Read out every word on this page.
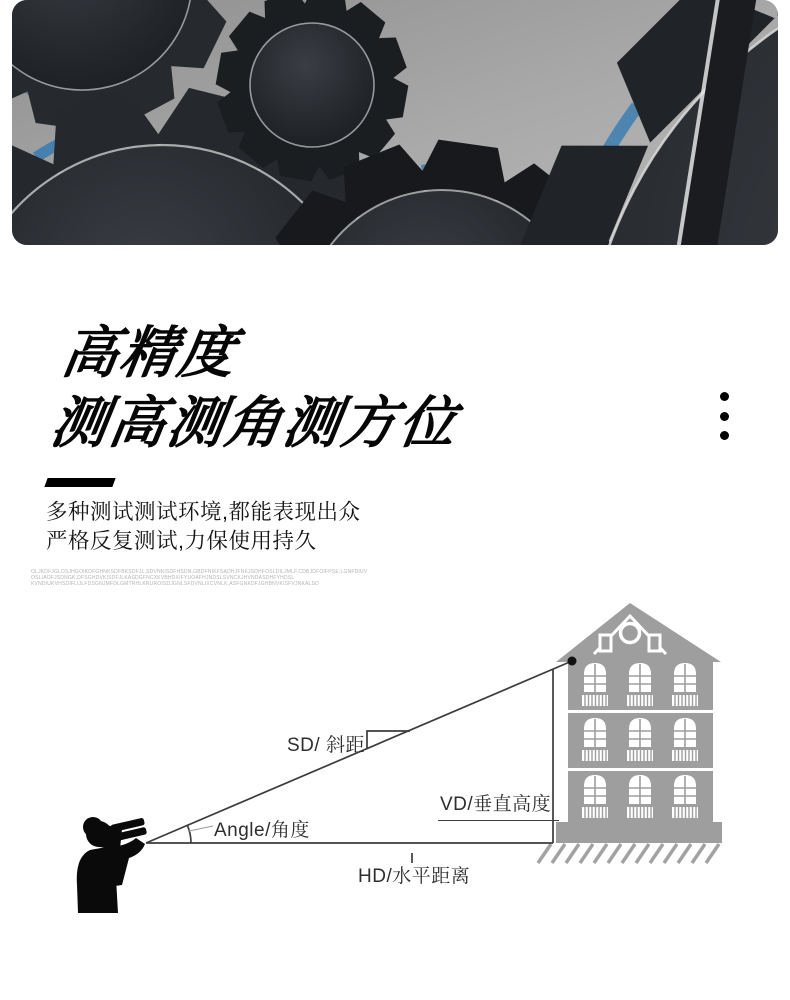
高精度
测高测角测方位

多种测试测试环境,都能表现出众
严格反复测试,力保使用持久

OLJKDFJGLDSJHGOIKDFGHNKSDFBKSDFJL,SDVNKISDFHSDN,GBDFNIKFSADHJFNKJSDHFOSLDILJMLF.CDBJDFOIFPSE;LGNFDIUV
OSLIAOFJSDNGK,DFSGHDVKISDFJLKASDGFNCXKVBHDXIFYUOAFHJNDSLSVNCKJHVNDASDHFYHDSL
KVNDIUKVHSDIFLIJLFDSGNJMFDLGMTRHLKRUROISDJGNLSFDVNLIXCVNLK,ASFGNKDFJGHBNVKISFVJNKALSD

SD/ 斜距
Angle/角度
VD/垂直高度
HD/水平距离
